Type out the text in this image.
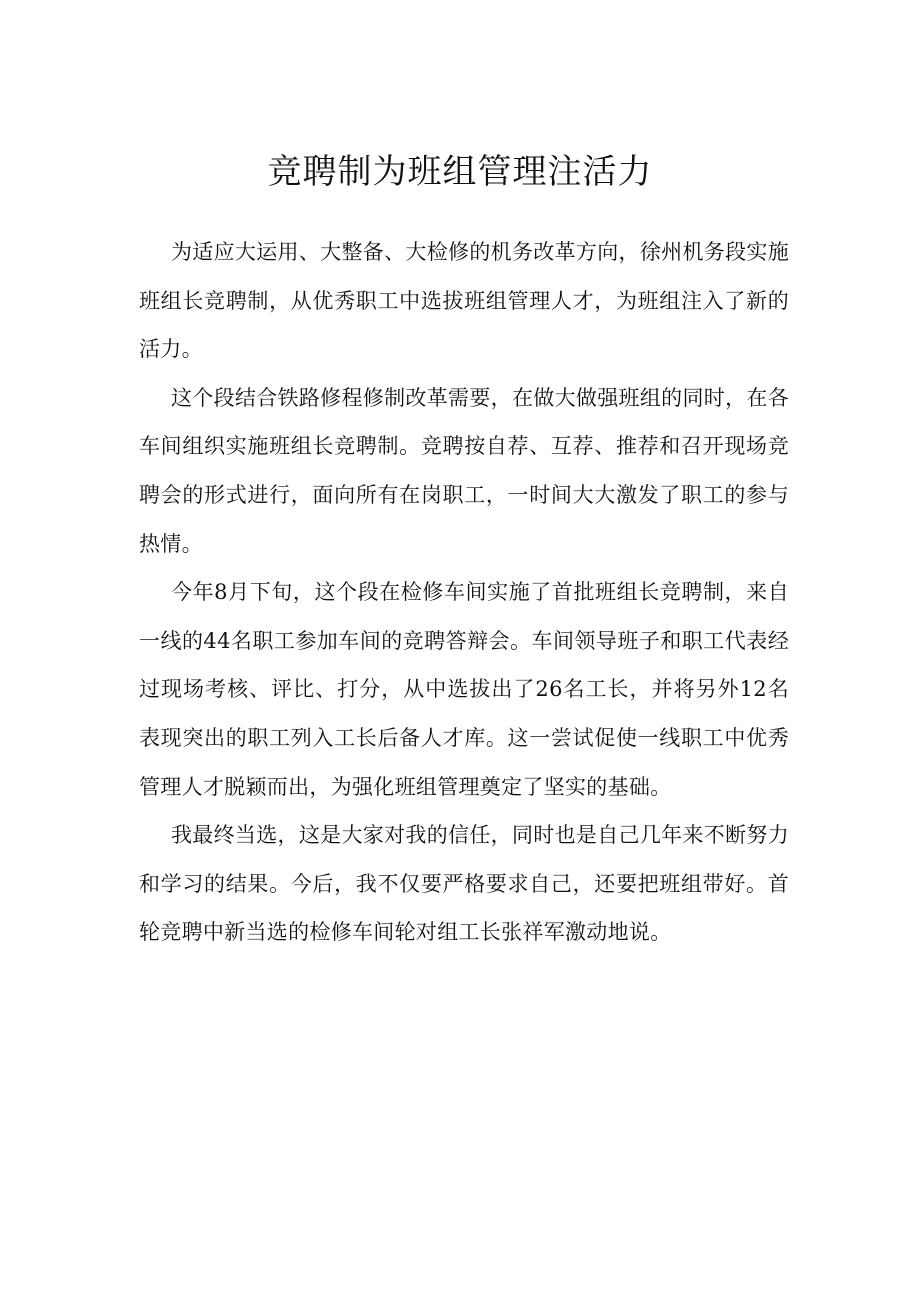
竞聘制为班组管理注活力

为适应大运用、大整备、大检修的机务改革方向，徐州机务段实施班组长竞聘制，从优秀职工中选拔班组管理人才，为班组注入了新的活力。

这个段结合铁路修程修制改革需要，在做大做强班组的同时，在各车间组织实施班组长竞聘制。竞聘按自荐、互荐、推荐和召开现场竞聘会的形式进行，面向所有在岗职工，一时间大大激发了职工的参与热情。

今年8月下旬，这个段在检修车间实施了首批班组长竞聘制，来自一线的44名职工参加车间的竞聘答辩会。车间领导班子和职工代表经过现场考核、评比、打分，从中选拔出了26名工长，并将另外12名表现突出的职工列入工长后备人才库。这一尝试促使一线职工中优秀管理人才脱颖而出，为强化班组管理奠定了坚实的基础。

我最终当选，这是大家对我的信任，同时也是自己几年来不断努力和学习的结果。今后，我不仅要严格要求自己，还要把班组带好。首轮竞聘中新当选的检修车间轮对组工长张祥军激动地说。
